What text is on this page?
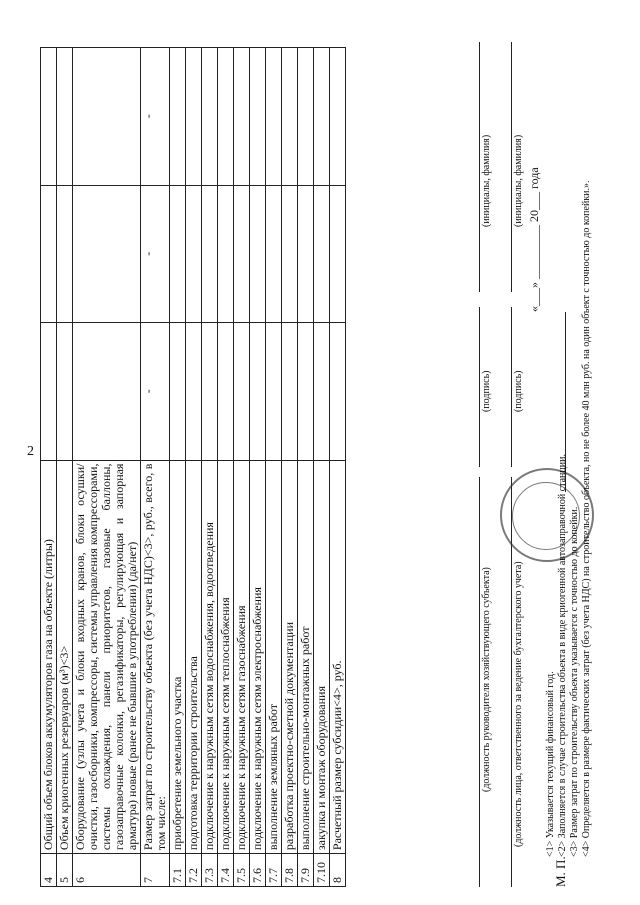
2
4	Общий объем блоков аккумуляторов газа на объекте (литры)			
5	Объем криогенных резервуаров (м³)<3>			
6	Оборудование (узлы учета и блоки входных кранов, блоки осушки/очистки, газосборники, компрессоры, системы управления компрессорами, системы охлаждения, панели приоритетов, газовые баллоны, газозаправочные колонки, регазификаторы, регулирующая и запорная арматура) новые (ранее не бывшие в употреблении) (да/нет)			
7	Размер затрат по строительству объекта (без учета НДС)<3>, руб., всего, в том числе:	-	-	-
7.1	приобретение земельного участка			
7.2	подготовка территории строительства			
7.3	подключение к наружным сетям водоснабжения, водоотведения			
7.4	подключение к наружным сетям теплоснабжения			
7.5	подключение к наружным сетям газоснабжения			
7.6	подключение к наружным сетям электроснабжения			
7.7	выполнение земляных работ			
7.8	разработка проектно-сметной документации			
7.9	выполнение строительно-монтажных работ			
7.10	закупка и монтаж оборудования			
8	Расчетный размер субсидии<4>, руб.				(должность руководителя хозяйствующего субъекта)
(подпись)
(инициалы, фамилия)
(должность лица, ответственного за ведение бухгалтерского учета)
(подпись)
(инициалы, фамилия)
М. П.
«___» _________ 20___ года
<1> Указывается текущий финансовый год. <2> Заполняется в случае строительства объекта в виде криогенной автозаправочной станции. <3> Размер затрат по строительству объекта указывается с точностью до копейки. <4> Определяется в размере фактических затрат (без учета НДС) на строительство объекта, но не более 40 млн руб. на один объект с точностью до копейки.».
